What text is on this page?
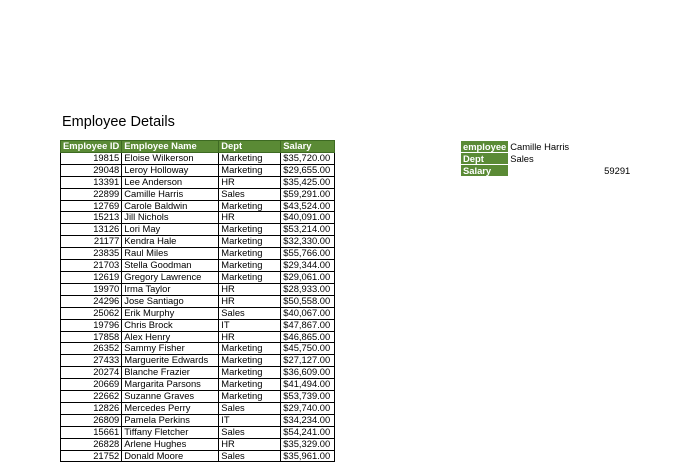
Employee Details
Employee ID	Employee Name	Dept	Salary
19815	Eloise Wilkerson	Marketing	$35,720.00
29048	Leroy Holloway	Marketing	$29,655.00
13391	Lee Anderson	HR	$35,425.00
22899	Camille Harris	Sales	$59,291.00
12769	Carole Baldwin	Marketing	$43,524.00
15213	Jill Nichols	HR	$40,091.00
13126	Lori May	Marketing	$53,214.00
21177	Kendra Hale	Marketing	$32,330.00
23835	Raul Miles	Marketing	$55,766.00
21703	Stella Goodman	Marketing	$29,344.00
12619	Gregory Lawrence	Marketing	$29,061.00
19970	Irma Taylor	HR	$28,933.00
24296	Jose Santiago	HR	$50,558.00
25062	Erik Murphy	Sales	$40,067.00
19796	Chris Brock	IT	$47,867.00
17858	Alex Henry	HR	$46,865.00
26352	Sammy Fisher	Marketing	$45,750.00
27433	Marguerite Edwards	Marketing	$27,127.00
20274	Blanche Frazier	Marketing	$36,609.00
20669	Margarita Parsons	Marketing	$41,494.00
22662	Suzanne Graves	Marketing	$53,739.00
12826	Mercedes Perry	Sales	$29,740.00
26809	Pamela Perkins	IT	$34,234.00
15661	Tiffany Fletcher	Sales	$54,241.00
26828	Arlene Hughes	HR	$35,329.00
21752	Donald Moore	Sales	$35,961.00
employee	Camille Harris
Dept	Sales
Salary	59291
